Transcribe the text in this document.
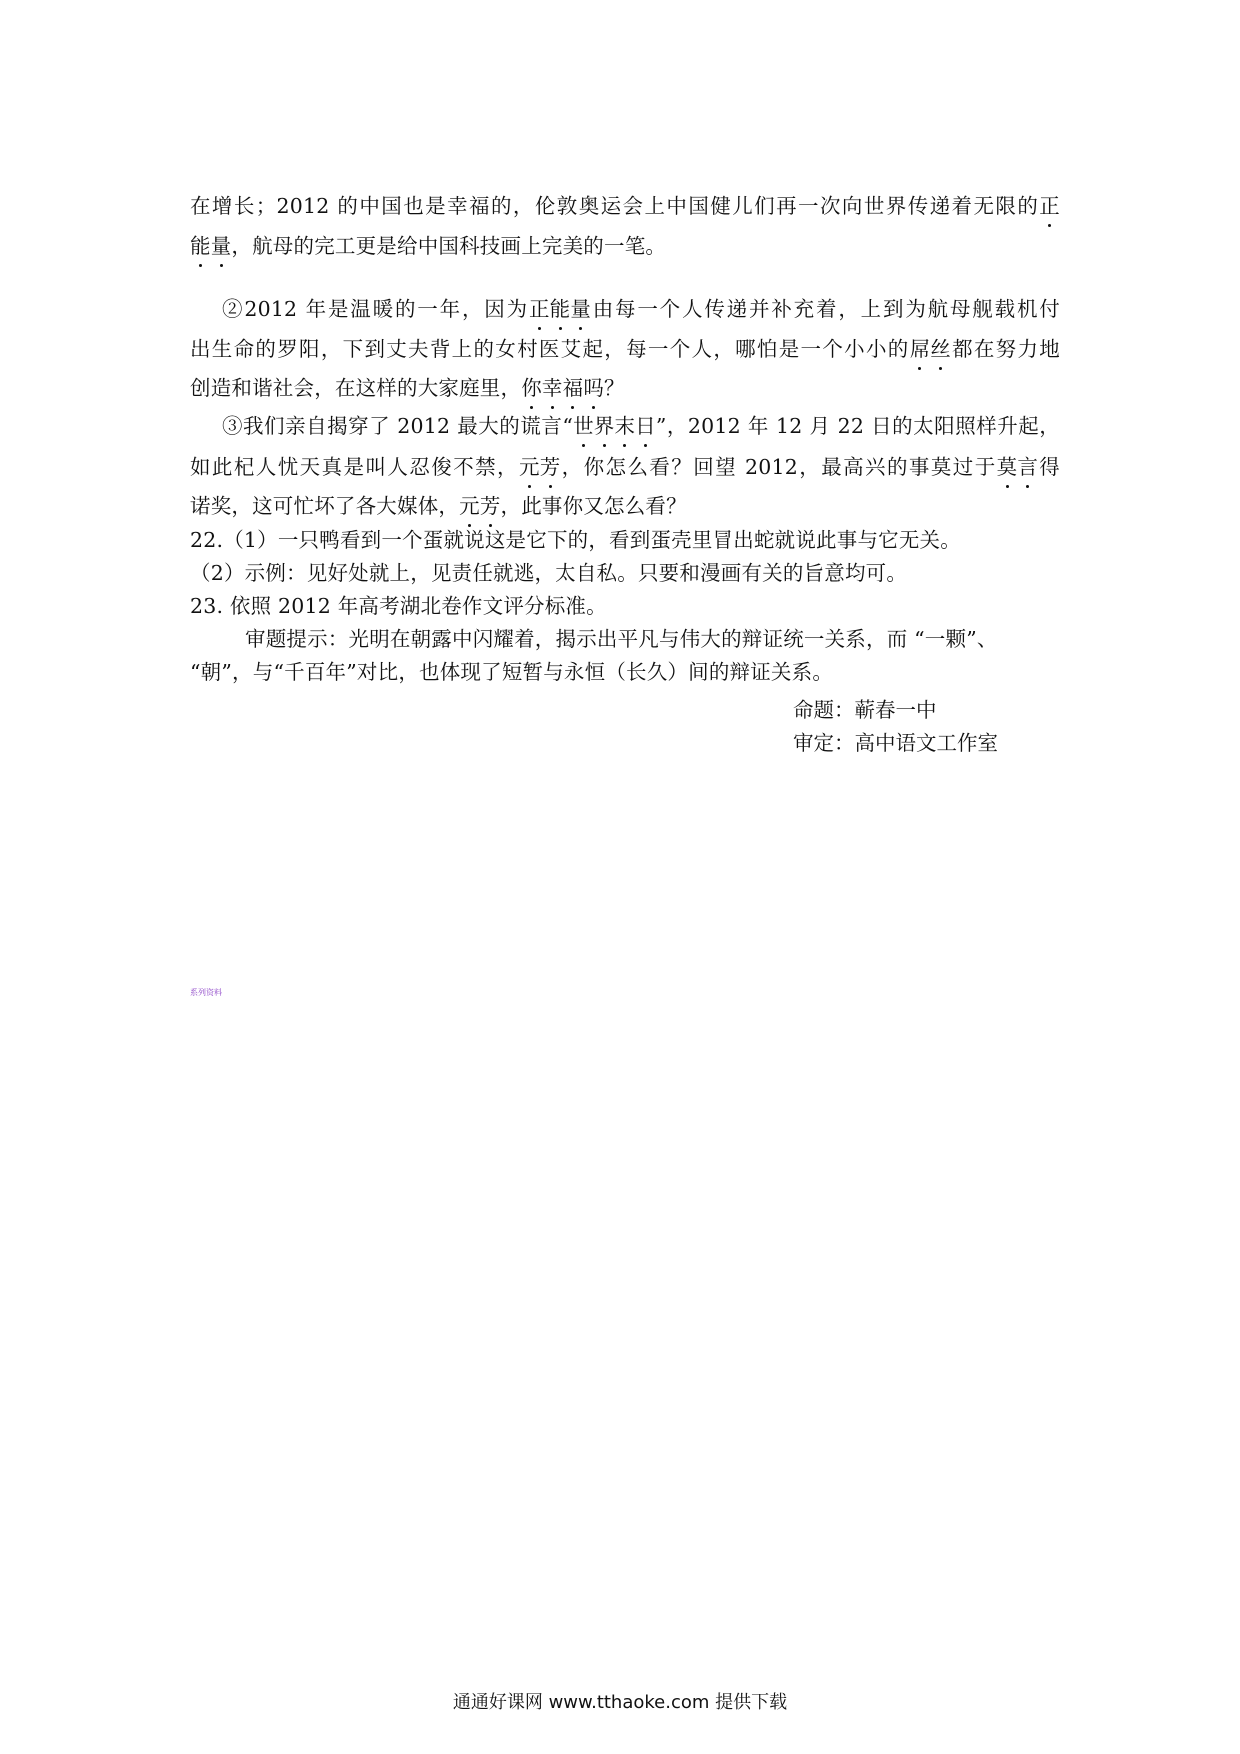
在增长；2012 的中国也是幸福的，伦敦奥运会上中国健儿们再一次向世界传递着无限的正
能量，航母的完工更是给中国科技画上完美的一笔。
②2012 年是温暖的一年，因为正能量由每一个人传递并补充着，上到为航母舰载机付
出生命的罗阳，下到丈夫背上的女村医艾起，每一个人，哪怕是一个小小的屌丝都在努力地
创造和谐社会，在这样的大家庭里，你幸福吗？
③我们亲自揭穿了 2012 最大的谎言“世界末日”，2012 年 12 月 22 日的太阳照样升起，
如此杞人忧天真是叫人忍俊不禁，元芳，你怎么看？回望 2012，最高兴的事莫过于莫言得
诺奖，这可忙坏了各大媒体，元芳，此事你又怎么看？
22.（1）一只鸭看到一个蛋就说这是它下的，看到蛋壳里冒出蛇就说此事与它无关。
（2）示例：见好处就上，见责任就逃，太自私。只要和漫画有关的旨意均可。
23. 依照 2012 年高考湖北卷作文评分标准。
审题提示：光明在朝露中闪耀着，揭示出平凡与伟大的辩证统一关系，而 “一颗”、
“朝”，与“千百年”对比，也体现了短暂与永恒（长久）间的辩证关系。
命题：蕲春一中
审定：高中语文工作室
系列资料
通通好课网 www.tthaoke.com 提供下载
